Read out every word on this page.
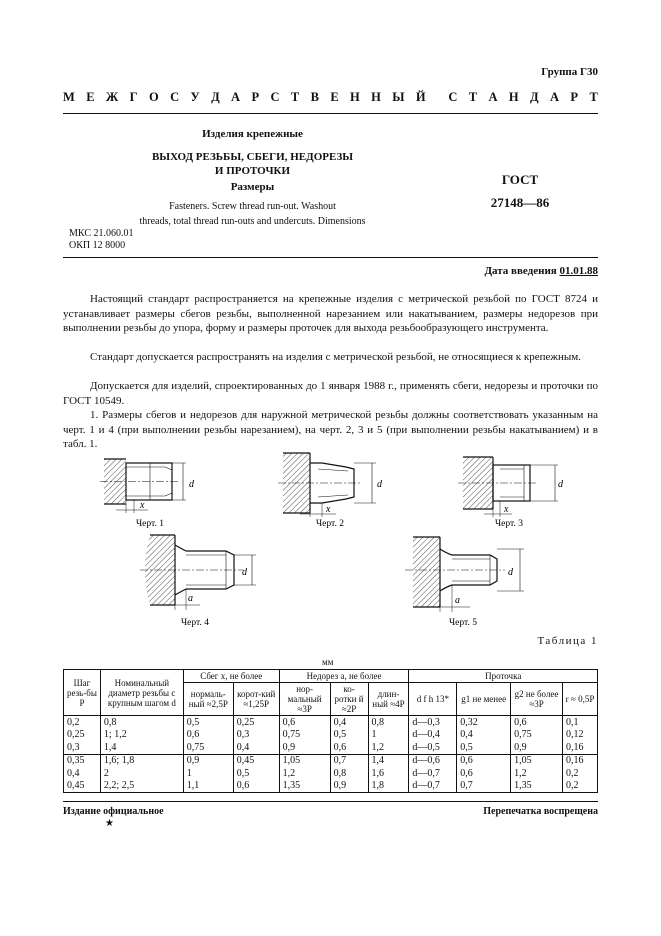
Группа Г30
М Е Ж Г О С У Д А Р С Т В Е Н Н Ы Й С Т А Н Д А Р Т
Изделия крепежные
ВЫХОД РЕЗЬБЫ, СБЕГИ, НЕДОРЕЗЫ
И ПРОТОЧКИ
Размеры
Fasteners. Screw thread run-out. Washout
threads, total thread run-outs and undercuts. Dimensions
ГОСТ
27148—86
МКС 21.060.01
ОКП 12 8000
Дата введения 01.01.88

Настоящий стандарт распространяется на крепежные изделия с метрической резьбой по ГОСТ 8724 и устанавливает размеры сбегов резьбы, выполненной нарезанием или накатыванием, размеры недорезов при выполнении резьбы до упора, форму и размеры проточек для выхода резьбообразующего инструмента.

Стандарт допускается распространять на изделия с метрической резьбой, не относящиеся к крепежным.

Допускается для изделий, спроектированных до 1 января 1988 г., применять сбеги, недорезы и проточки по ГОСТ 10549.

1. Размеры сбегов и недорезов для наружной метрической резьбы должны соответствовать указанным на черт. 1 и 4 (при выполнении резьбы нарезанием), на черт. 2, 3 и 5 (при выполнении резьбы накатыванием) и в табл. 1.

d
x
Черт. 1
d
x
Черт. 2
d
x
Черт. 3
d
a
Черт. 4
d
a
Черт. 5
Таблица 1
мм
Шаг резь-бы P	Номинальный диаметр резьбы с крупным шагом d	Сбег x, не более		Недорез a, не более			Проточка			
		нормаль-ный ≈2,5P	корот-кий ≈1,25P	нор-мальный ≈3P	ко-ротки й ≈2P	длин-ный ≈4P	d f h 13*	g1 не менее	g2 не более ≈3P	r ≈ 0,5P
0,2	0,8	0,5	0,25	0,6	0,4	0,8	d—0,3	0,32	0,6	0,1
0,25	1; 1,2	0,6	0,3	0,75	0,5	1	d—0,4	0,4	0,75	0,12
0,3	1,4	0,75	0,4	0,9	0,6	1,2	d—0,5	0,5	0,9	0,16
0,35	1,6; 1,8	0,9	0,45	1,05	0,7	1,4	d—0,6	0,6	1,05	0,16
0,4	2	1	0,5	1,2	0,8	1,6	d—0,7	0,6	1,2	0,2
0,45	2,2; 2,5	1,1	0,6	1,35	0,9	1,8	d—0,7	0,7	1,35	0,2
Издание официальное
★
Перепечатка воспрещена
